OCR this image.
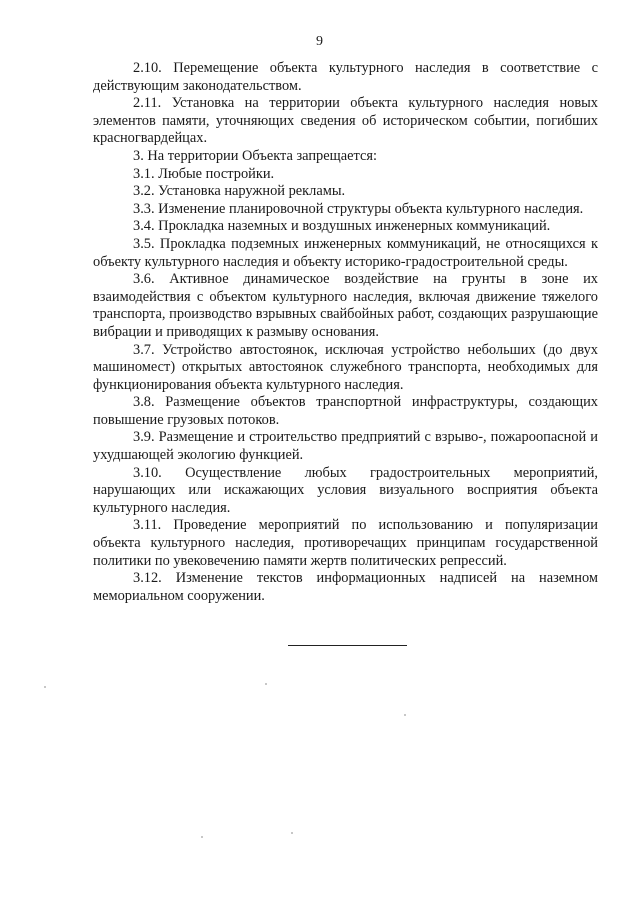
9

2.10. Перемещение объекта культурного наследия в соответствие с действующим законодательством.

2.11. Установка на территории объекта культурного наследия новых элементов памяти, уточняющих сведения об историческом событии, погибших красногвардейцах.

3. На территории Объекта запрещается:

3.1. Любые постройки.

3.2. Установка наружной рекламы.

3.3. Изменение планировочной структуры объекта культурного наследия.

3.4. Прокладка наземных и воздушных инженерных коммуникаций.

3.5. Прокладка подземных инженерных коммуникаций, не относящихся к объекту культурного наследия и объекту историко-градостроительной среды.

3.6. Активное динамическое воздействие на грунты в зоне их взаимодействия с объектом культурного наследия, включая движение тяжелого транспорта, производство взрывных свайбойных работ, создающих разрушающие вибрации и приводящих к размыву основания.

3.7. Устройство автостоянок, исключая устройство небольших (до двух машиномест) открытых автостоянок служебного транспорта, необходимых для функционирования объекта культурного наследия.

3.8. Размещение объектов транспортной инфраструктуры, создающих повышение грузовых потоков.

3.9. Размещение и строительство предприятий с взрыво-, пожароопасной и ухудшающей экологию функцией.

3.10. Осуществление любых градостроительных мероприятий, нарушающих или искажающих условия визуального восприятия объекта культурного наследия.

3.11. Проведение мероприятий по использованию и популяризации объекта культурного наследия, противоречащих принципам государственной политики по увековечению памяти жертв политических репрессий.

3.12. Изменение текстов информационных надписей на наземном мемориальном сооружении.
